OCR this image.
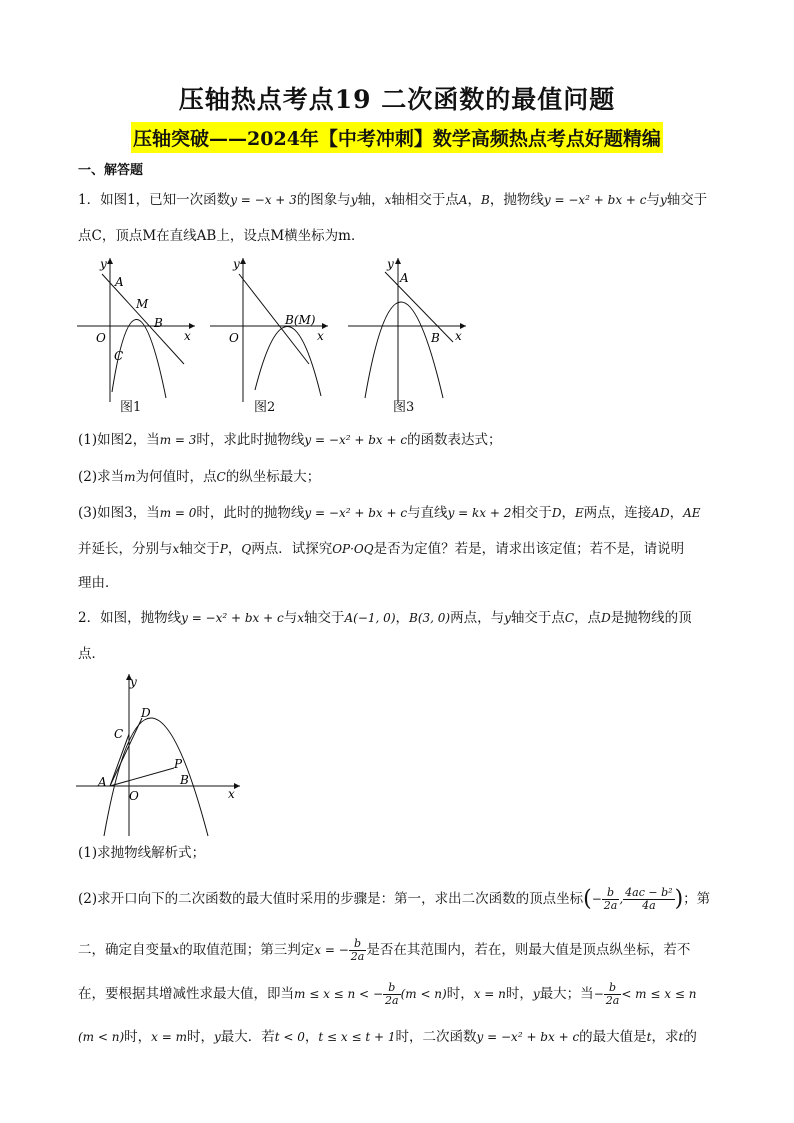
压轴热点考点19 二次函数的最值问题
压轴突破——2024年【中考冲刺】数学高频热点考点好题精编
一、解答题
1．如图1，已知一次函数y = −x + 3的图象与y轴，x轴相交于点A，B，抛物线y = −x² + bx + c与y轴交于
点C，顶点M在直线AB上，设点M横坐标为m．
y
A
M
B
x
O
C
图1
y
B(M)
x
O
图2
y
A
B x
图3
(1)如图2，当m = 3时，求此时抛物线y = −x² + bx + c的函数表达式；
(2)求当m为何值时，点C的纵坐标最大；
(3)如图3，当m = 0时，此时的抛物线y = −x² + bx + c与直线y = kx + 2相交于D，E两点，连接AD，AE
并延长，分别与x轴交于P，Q两点．试探究OP·OQ是否为定值？若是，请求出该定值；若不是，请说明
理由．
2．如图，抛物线y = −x² + bx + c与x轴交于A(−1, 0)，B(3, 0)两点，与y轴交于点C，点D是抛物线的顶
点．
y
D
C
P
A	B
O	x
(1)求抛物线解析式；
(2)求开口向下的二次函数的最大值时采用的步骤是：第一，求出二次函数的顶点坐标(− $\frac{b}{2a}$ , $\frac{\text{4ac − b²}}{4a}$ )；第
二，确定自变量x的取值范围；第三判定x = − $\frac{b}{2a}$ 是否在其范围内，若在，则最大值是顶点纵坐标，若不
在，要根据其增减性求最大值，即当m ≤ x ≤ n < − $\frac{b}{2a} (m < n)$时，x = n时，y最大；当− $\frac{b}{2a} < m \le x \le n$
(m < n)时，x = m时，y最大．若t < 0，t ≤ x ≤ t + 1时，二次函数y = −x² + bx + c的最大值是t，求t的
